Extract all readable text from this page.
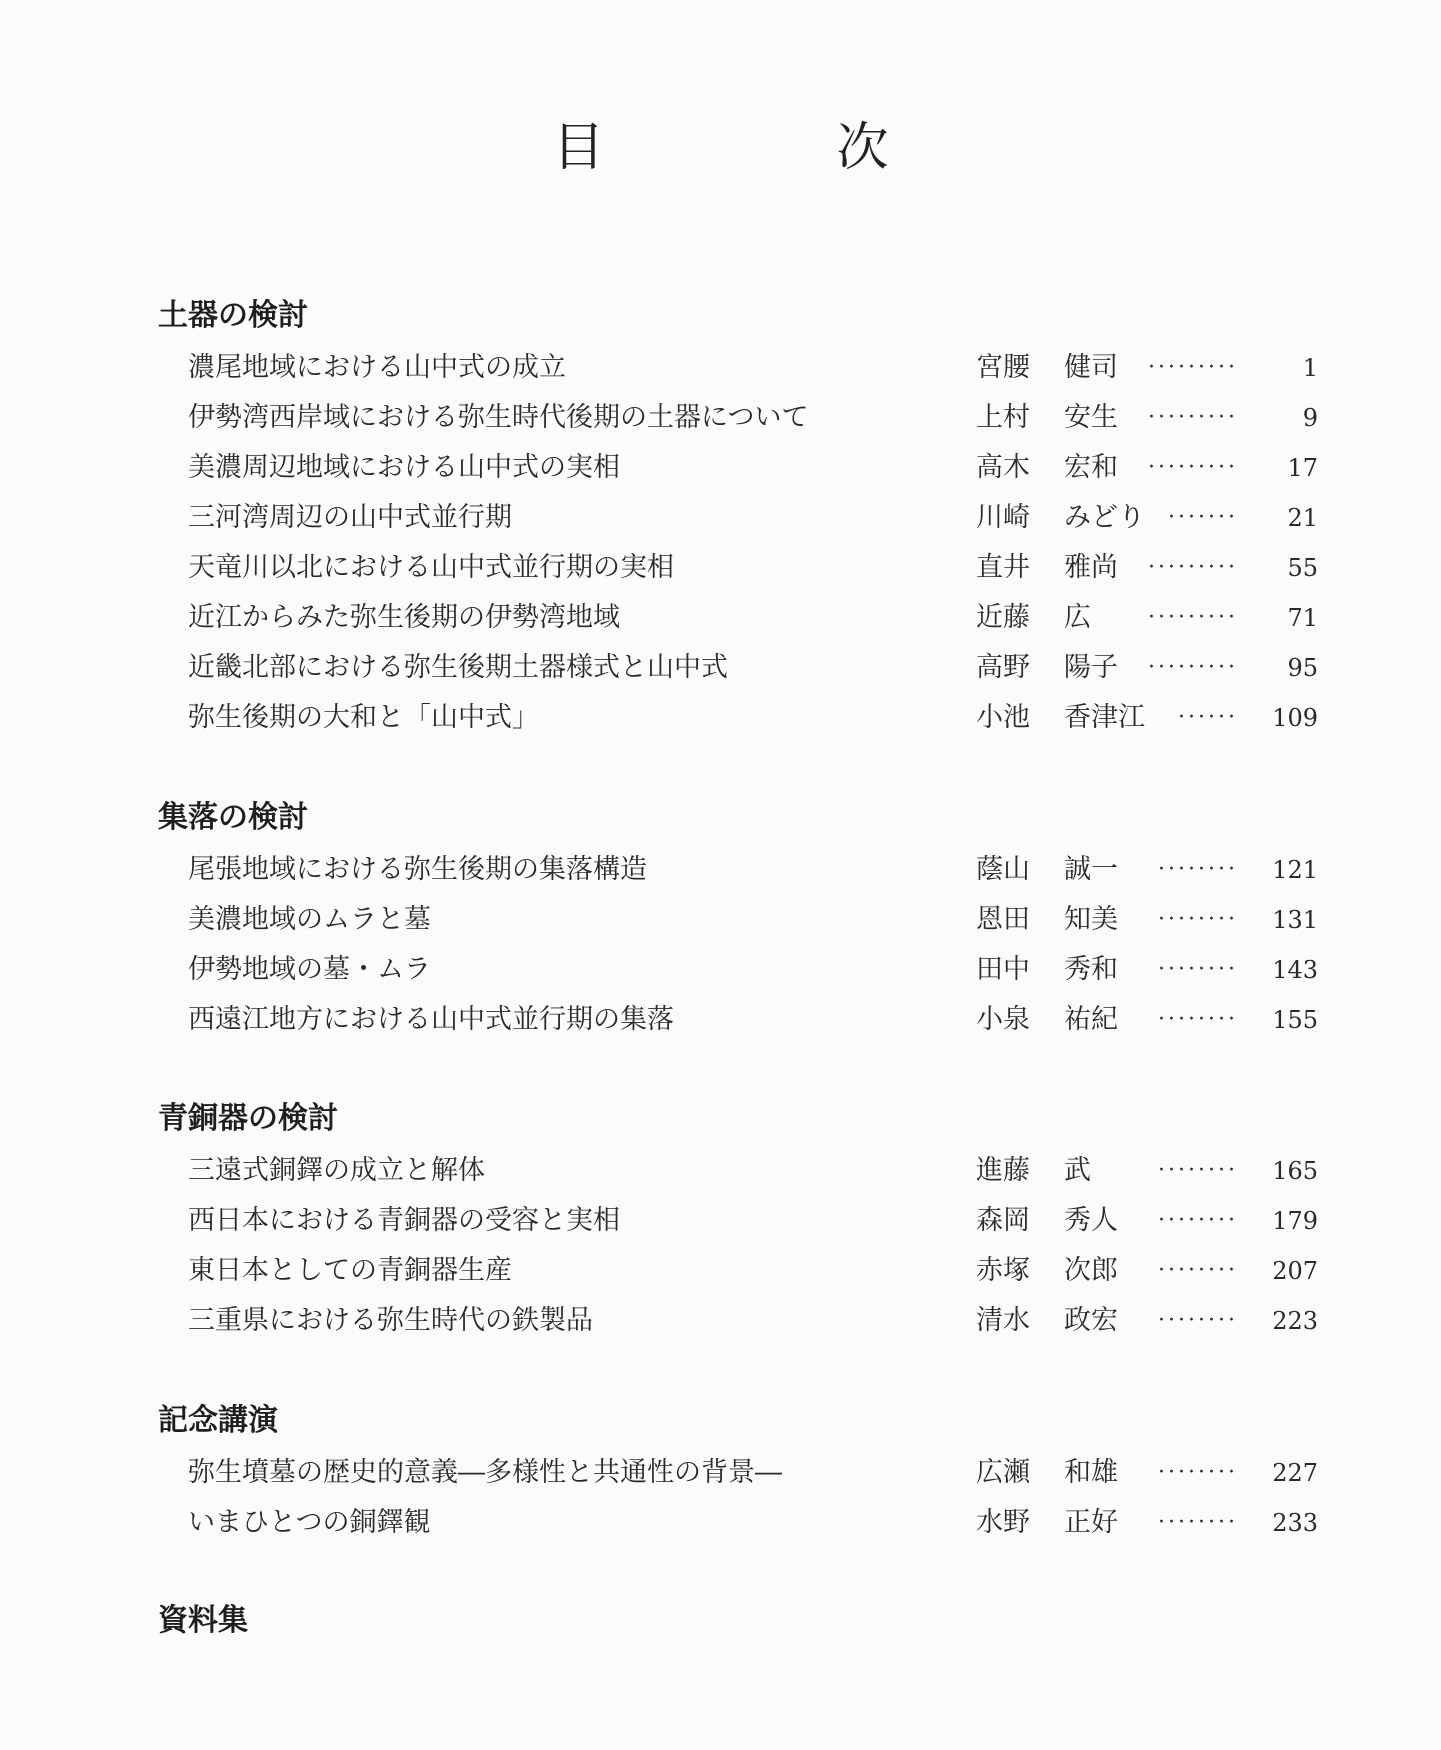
目　次
土器の検討
濃尾地域における山中式の成立	宮腰 健司 ·········	1
伊勢湾西岸域における弥生時代後期の土器について	上村 安生 ·········	9
美濃周辺地域における山中式の実相	高木 宏和 ·········	17
三河湾周辺の山中式並行期	川崎 みどり ·······	21
天竜川以北における山中式並行期の実相	直井 雅尚 ·········	55
近江からみた弥生後期の伊勢湾地域	近藤 広	·········	71
近畿北部における弥生後期土器様式と山中式	高野 陽子 ·········	95
弥生後期の大和と「山中式」	小池 香津江 ······	109
集落の検討
尾張地域における弥生後期の集落構造	蔭山 誠一 ········	121
美濃地域のムラと墓	恩田 知美 ········	131
伊勢地域の墓・ムラ	田中 秀和 ········	143
西遠江地方における山中式並行期の集落	小泉 祐紀 ········	155
青銅器の検討
三遠式銅鐸の成立と解体	進藤 武	········	165
西日本における青銅器の受容と実相	森岡 秀人 ········	179
東日本としての青銅器生産	赤塚 次郎 ········	207
三重県における弥生時代の鉄製品	清水 政宏 ········	223
記念講演
弥生墳墓の歴史的意義―多様性と共通性の背景―	広瀬 和雄 ········	227
いまひとつの銅鐸観	水野 正好 ········	233
資料集
